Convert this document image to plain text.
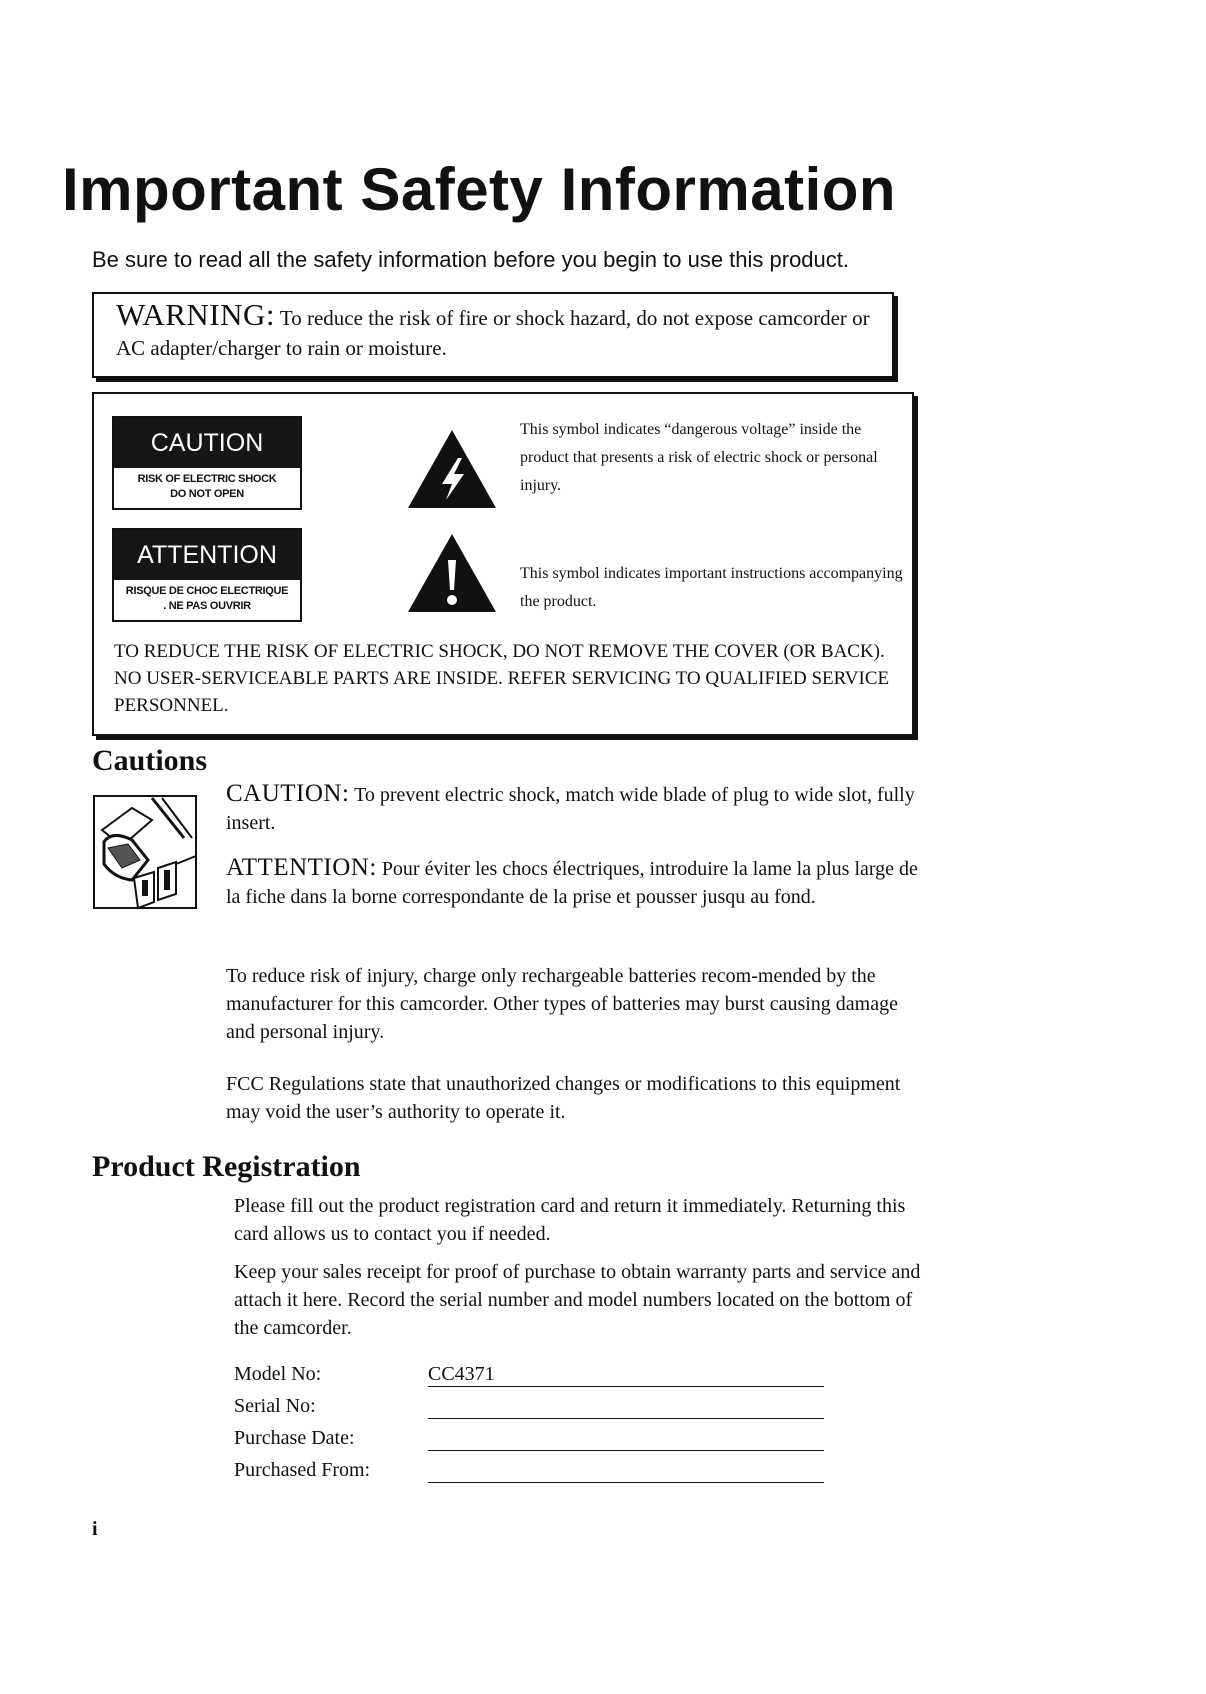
Important Safety Information
Be sure to read all the safety information before you begin to use this product.
WARNING: To reduce the risk of fire or shock hazard, do not expose camcorder or AC adapter/charger to rain or moisture.
CAUTION
RISK OF ELECTRIC SHOCK
DO NOT OPEN
This symbol indicates “dangerous voltage” inside the product that presents a risk of electric shock or personal injury.
ATTENTION
RISQUE DE CHOC ELECTRIQUE
. NE PAS OUVRIR
This symbol indicates important instructions accompanying the product.
TO REDUCE THE RISK OF ELECTRIC SHOCK, DO NOT REMOVE THE COVER (OR BACK). NO USER-SERVICEABLE PARTS ARE INSIDE. REFER SERVICING TO QUALIFIED SERVICE PERSONNEL.
Cautions
CAUTION: To prevent electric shock, match wide blade of plug to wide slot, fully insert.
ATTENTION: Pour éviter les chocs électriques, introduire la lame la plus large de la fiche dans la borne correspondante de la prise et pousser jusqu au fond.
To reduce risk of injury, charge only rechargeable batteries recom-mended by the manufacturer for this camcorder. Other types of batteries may burst causing damage and personal injury.
FCC Regulations state that unauthorized changes or modifications to this equipment may void the user’s authority to operate it.
Product Registration
Please fill out the product registration card and return it immediately. Returning this card allows us to contact you if needed.
Keep your sales receipt for proof of purchase to obtain warranty parts and service and attach it here. Record the serial number and model numbers located on the bottom of the camcorder.
Model No:	CC4371
Serial No:
Purchase Date:
Purchased From:
i
